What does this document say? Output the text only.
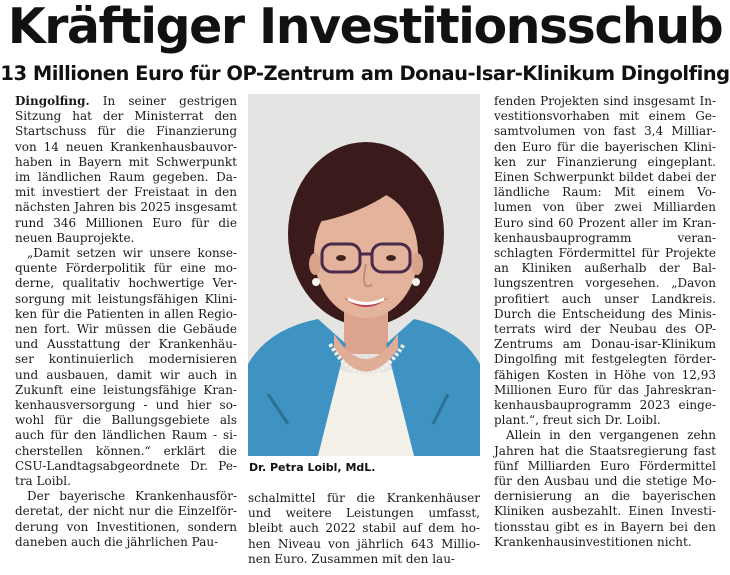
Kräftiger Investitionsschub
13 Millionen Euro für OP-Zentrum am Donau-Isar-Klinikum Dingolfing

Dingolfing. In seiner gestrigen Sitzung hat der Ministerrat den Startschuss für die Finanzierung von 14 neuen Krankenhausbauvor- haben in Bayern mit Schwerpunkt im ländlichen Raum gegeben. Da- mit investiert der Freistaat in den nächsten Jahren bis 2025 insgesamt rund 346 Millionen Euro für die neuen Bauprojekte.

„Damit setzen wir unsere konse- quente Förderpolitik für eine mo- derne, qualitativ hochwertige Ver- sorgung mit leistungsfähigen Klini- ken für die Patienten in allen Regio- nen fort. Wir müssen die Gebäude und Ausstattung der Krankenhäu- ser kontinuierlich modernisieren und ausbauen, damit wir auch in Zukunft eine leistungsfähige Kran- kenhausversorgung - und hier so- wohl für die Ballungsgebiete als auch für den ländlichen Raum - si- cherstellen können.“ erklärt die CSU-Landtagsabgeordnete Dr. Pe- tra Loibl.

Der bayerische Krankenhausför- deretat, der nicht nur die Einzelför- derung von Investitionen, sondern daneben auch die jährlichen Pau-

Dr. Petra Loibl, MdL.

schalmittel für die Krankenhäuser und weitere Leistungen umfasst, bleibt auch 2022 stabil auf dem ho- hen Niveau von jährlich 643 Millio- nen Euro. Zusammen mit den lau-

fenden Projekten sind insgesamt In- vestitionsvorhaben mit einem Ge- samtvolumen von fast 3,4 Milliar- den Euro für die bayerischen Klini- ken zur Finanzierung eingeplant. Einen Schwerpunkt bildet dabei der ländliche Raum: Mit einem Vo- lumen von über zwei Milliarden Euro sind 60 Prozent aller im Kran- kenhausbauprogramm veran- schlagten Fördermittel für Projekte an Kliniken außerhalb der Bal- lungszentren vorgesehen. „Davon profitiert auch unser Landkreis. Durch die Entscheidung des Minis- terrats wird der Neubau des OP- Zentrums am Donau-isar-Klinikum Dingolfing mit festgelegten förder- fähigen Kosten in Höhe von 12,93 Millionen Euro für das Jahreskran- kenhausbauprogramm 2023 einge- plant.“, freut sich Dr. Loibl.

Allein in den vergangenen zehn Jahren hat die Staatsregierung fast fünf Milliarden Euro Fördermittel für den Ausbau und die stetige Mo- dernisierung an die bayerischen Kliniken ausbezahlt. Einen Investi- tionsstau gibt es in Bayern bei den Krankenhausinvestitionen nicht.
